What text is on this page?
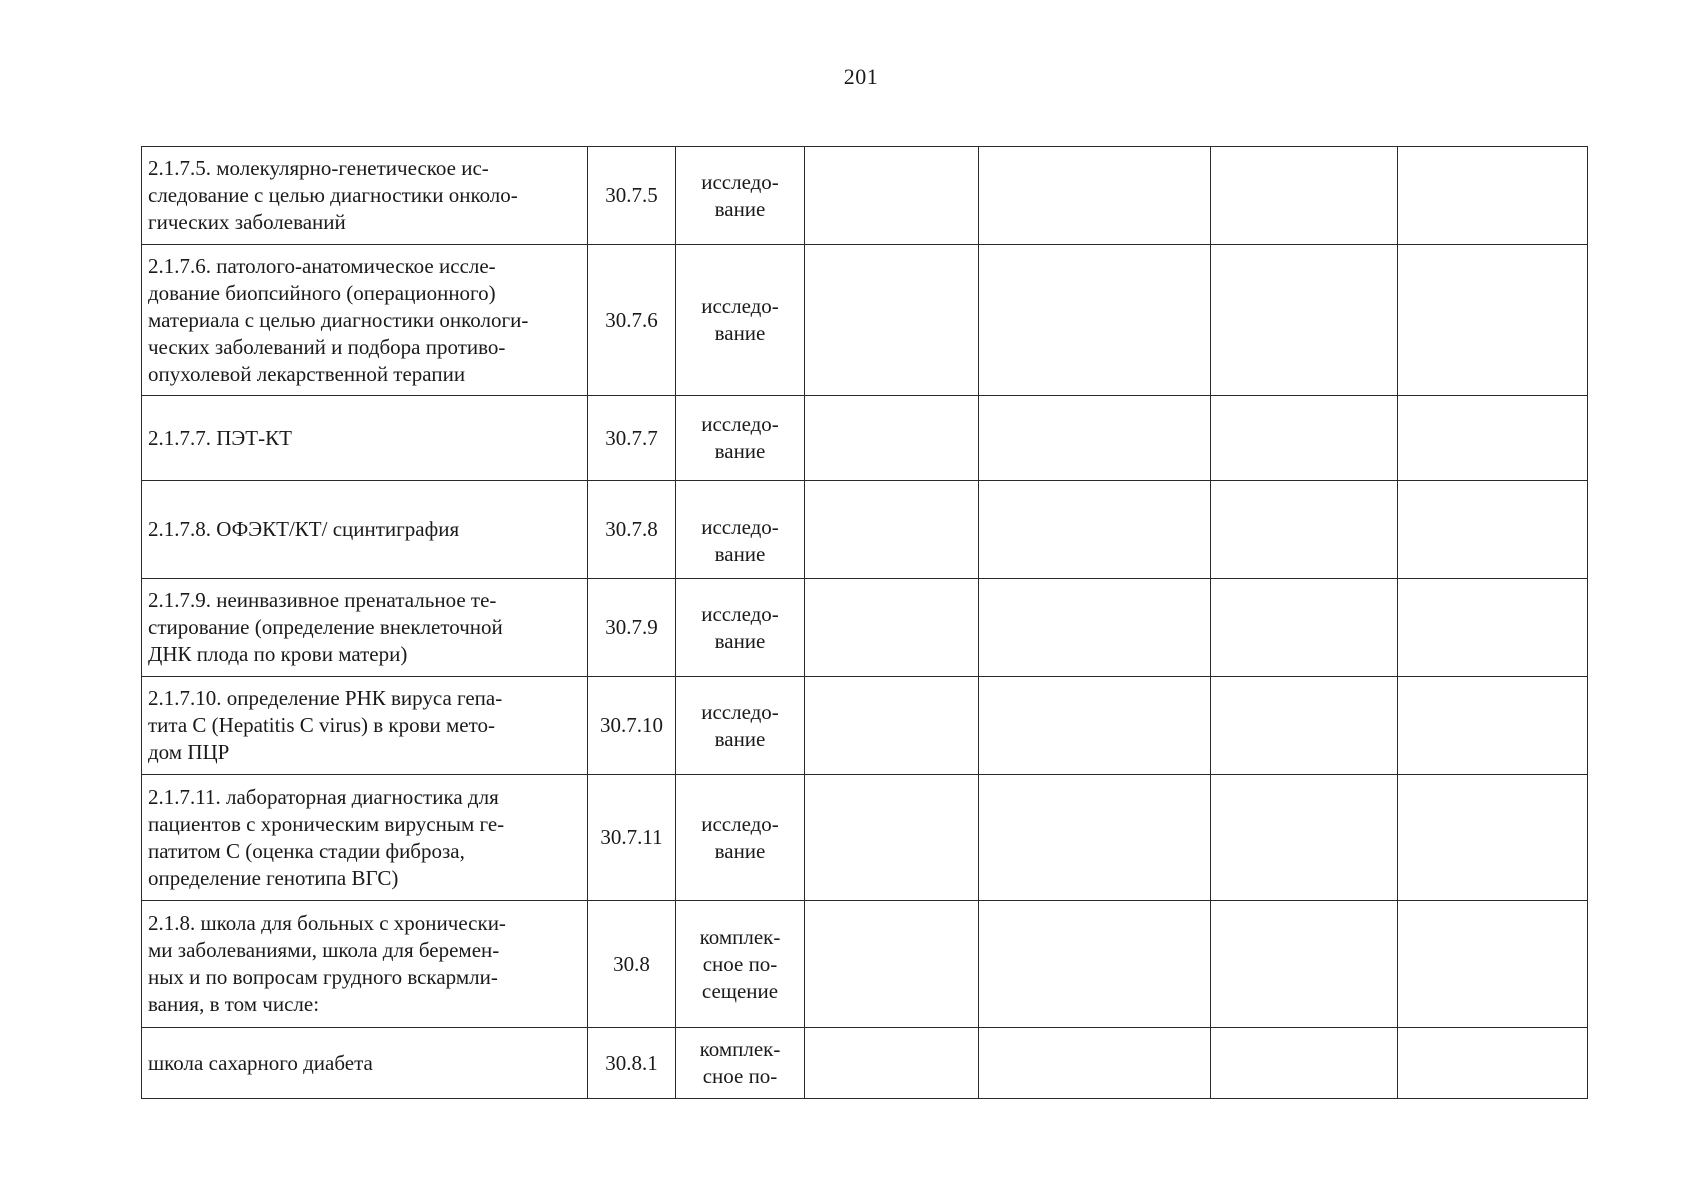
201
2.1.7.5. молекулярно-генетическое ис-
следование с целью диагностики онколо-
гических заболеваний	30.7.5	исследо-
вание				

2.1.7.6. патолого-анатомическое иссле-
дование биопсийного (операционного)
материала с целью диагностики онкологи-
ческих заболеваний и подбора противо-
опухолевой лекарственной терапии	30.7.6	исследо-
вание				

2.1.7.7. ПЭТ-КТ	30.7.7	исследо-
вание				

2.1.7.8. ОФЭКТ/КТ/ сцинтиграфия	30.7.8	исследо-
вание				

2.1.7.9. неинвазивное пренатальное те-
стирование (определение внеклеточной
ДНК плода по крови матери)	30.7.9	исследо-
вание				

2.1.7.10. определение РНК вируса гепа-
тита С (Hepatitis C virus) в крови мето-
дом ПЦР	30.7.10	исследо-
вание				

2.1.7.11. лабораторная диагностика для
пациентов с хроническим вирусным ге-
патитом С (оценка стадии фиброза,
определение генотипа ВГС)	30.7.11	исследо-
вание				

2.1.8. школа для больных с хронически-
ми заболеваниями, школа для беремен-
ных и по вопросам грудного вскармли-
вания, в том числе:	30.8	комплек-
сное по-
сещение				

школа сахарного диабета	30.8.1	комплек-
сное по-				
